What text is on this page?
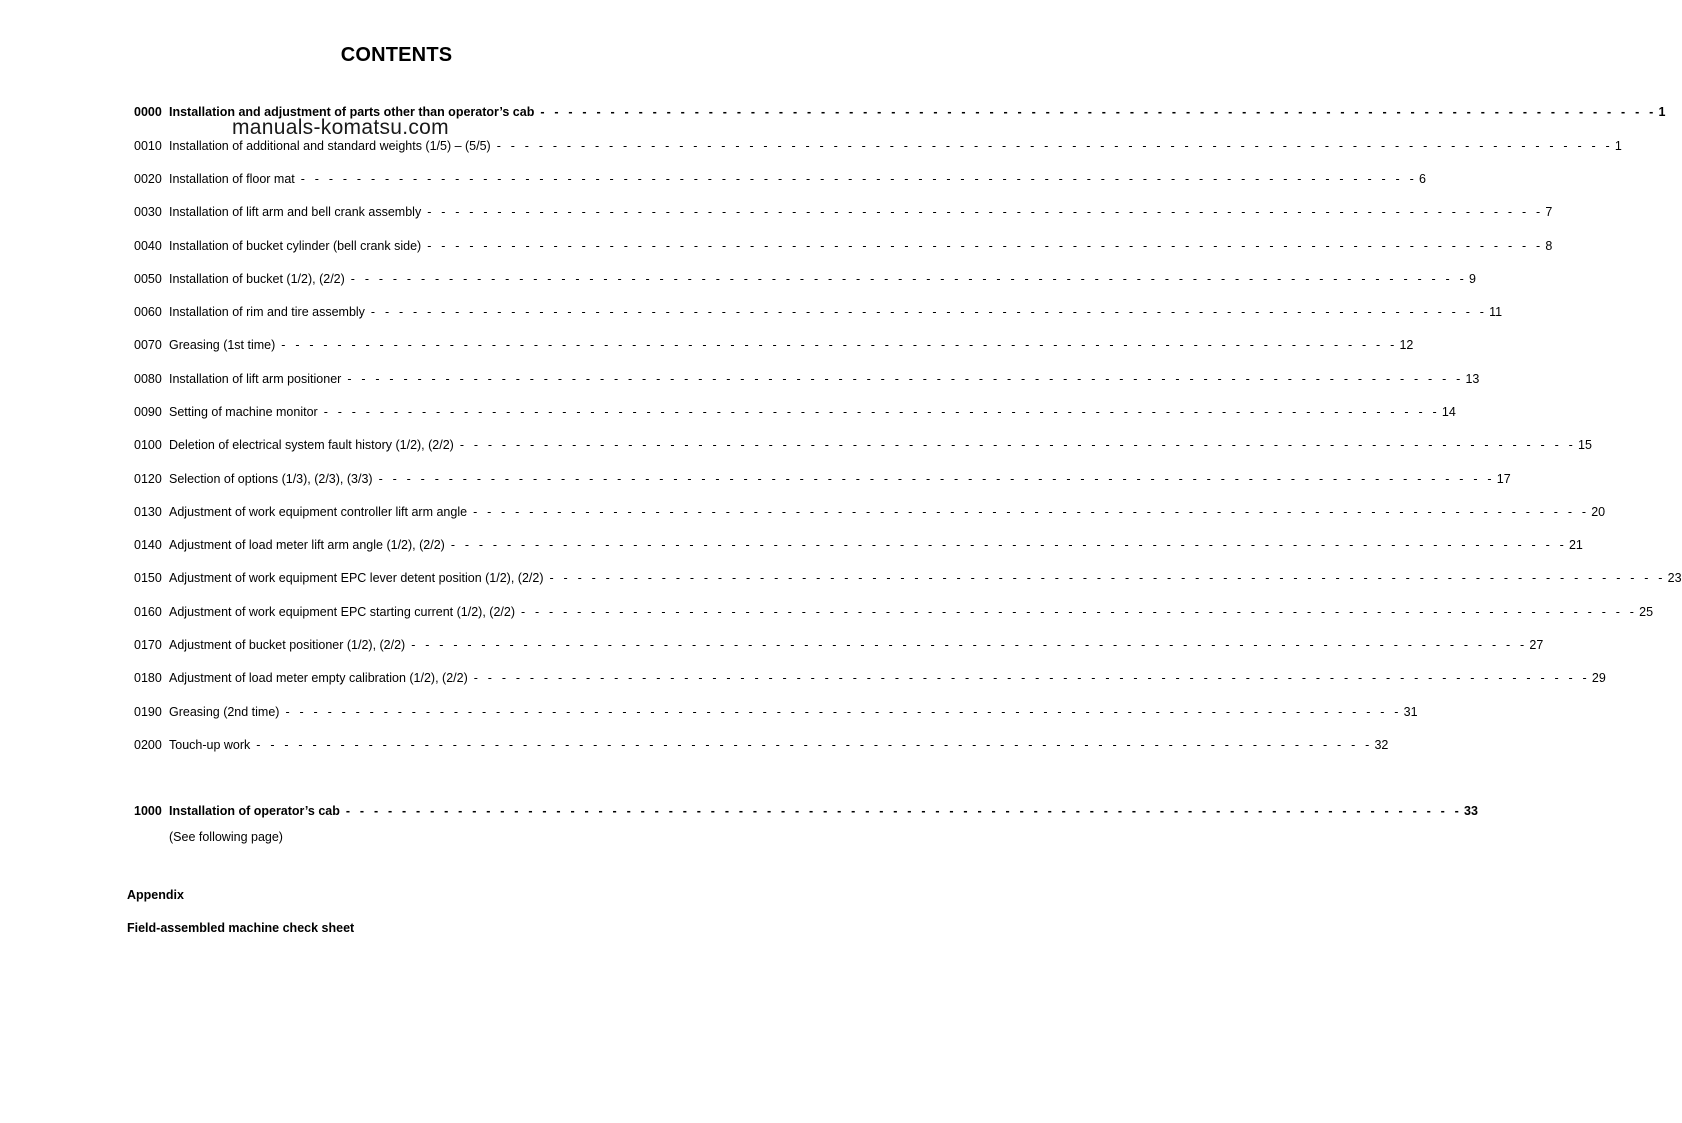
CONTENTS

manuals-komatsu.com

0000 Installation and adjustment of parts other than operator’s cab - - - - - - - - - - - - - - - - - - - - - - - - - - - - - - - - - - - - - - - - - - - - - - - - - - - - - - - - - - - - - - - - - - - - - - - - - - - - - - - - 1
0010 Installation of additional and standard weights (1/5) – (5/5) - - - - - - - - - - - - - - - - - - - - - - - - - - - - - - - - - - - - - - - - - - - - - - - - - - - - - - - - - - - - - - - - - - - - - - - - - - - - - - - - 1
0020 Installation of floor mat - - - - - - - - - - - - - - - - - - - - - - - - - - - - - - - - - - - - - - - - - - - - - - - - - - - - - - - - - - - - - - - - - - - - - - - - - - - - - - - - 6
0030 Installation of lift arm and bell crank assembly - - - - - - - - - - - - - - - - - - - - - - - - - - - - - - - - - - - - - - - - - - - - - - - - - - - - - - - - - - - - - - - - - - - - - - - - - - - - - - - - 7
0040 Installation of bucket cylinder (bell crank side) - - - - - - - - - - - - - - - - - - - - - - - - - - - - - - - - - - - - - - - - - - - - - - - - - - - - - - - - - - - - - - - - - - - - - - - - - - - - - - - - 8
0050 Installation of bucket (1/2), (2/2) - - - - - - - - - - - - - - - - - - - - - - - - - - - - - - - - - - - - - - - - - - - - - - - - - - - - - - - - - - - - - - - - - - - - - - - - - - - - - - - - 9
0060 Installation of rim and tire assembly - - - - - - - - - - - - - - - - - - - - - - - - - - - - - - - - - - - - - - - - - - - - - - - - - - - - - - - - - - - - - - - - - - - - - - - - - - - - - - - - 11
0070 Greasing (1st time) - - - - - - - - - - - - - - - - - - - - - - - - - - - - - - - - - - - - - - - - - - - - - - - - - - - - - - - - - - - - - - - - - - - - - - - - - - - - - - - - 12
0080 Installation of lift arm positioner - - - - - - - - - - - - - - - - - - - - - - - - - - - - - - - - - - - - - - - - - - - - - - - - - - - - - - - - - - - - - - - - - - - - - - - - - - - - - - - - 13
0090 Setting of machine monitor - - - - - - - - - - - - - - - - - - - - - - - - - - - - - - - - - - - - - - - - - - - - - - - - - - - - - - - - - - - - - - - - - - - - - - - - - - - - - - - - 14
0100 Deletion of electrical system fault history (1/2), (2/2) - - - - - - - - - - - - - - - - - - - - - - - - - - - - - - - - - - - - - - - - - - - - - - - - - - - - - - - - - - - - - - - - - - - - - - - - - - - - - - - - 15
0120 Selection of options (1/3), (2/3), (3/3) - - - - - - - - - - - - - - - - - - - - - - - - - - - - - - - - - - - - - - - - - - - - - - - - - - - - - - - - - - - - - - - - - - - - - - - - - - - - - - - - 17
0130 Adjustment of work equipment controller lift arm angle - - - - - - - - - - - - - - - - - - - - - - - - - - - - - - - - - - - - - - - - - - - - - - - - - - - - - - - - - - - - - - - - - - - - - - - - - - - - - - - - 20
0140 Adjustment of load meter lift arm angle (1/2), (2/2) - - - - - - - - - - - - - - - - - - - - - - - - - - - - - - - - - - - - - - - - - - - - - - - - - - - - - - - - - - - - - - - - - - - - - - - - - - - - - - - - 21
0150 Adjustment of work equipment EPC lever detent position (1/2), (2/2) - - - - - - - - - - - - - - - - - - - - - - - - - - - - - - - - - - - - - - - - - - - - - - - - - - - - - - - - - - - - - - - - - - - - - - - - - - - - - - - - 23
0160 Adjustment of work equipment EPC starting current (1/2), (2/2) - - - - - - - - - - - - - - - - - - - - - - - - - - - - - - - - - - - - - - - - - - - - - - - - - - - - - - - - - - - - - - - - - - - - - - - - - - - - - - - - 25
0170 Adjustment of bucket positioner (1/2), (2/2) - - - - - - - - - - - - - - - - - - - - - - - - - - - - - - - - - - - - - - - - - - - - - - - - - - - - - - - - - - - - - - - - - - - - - - - - - - - - - - - - 27
0180 Adjustment of load meter empty calibration (1/2), (2/2) - - - - - - - - - - - - - - - - - - - - - - - - - - - - - - - - - - - - - - - - - - - - - - - - - - - - - - - - - - - - - - - - - - - - - - - - - - - - - - - - 29
0190 Greasing (2nd time) - - - - - - - - - - - - - - - - - - - - - - - - - - - - - - - - - - - - - - - - - - - - - - - - - - - - - - - - - - - - - - - - - - - - - - - - - - - - - - - - 31
0200 Touch-up work - - - - - - - - - - - - - - - - - - - - - - - - - - - - - - - - - - - - - - - - - - - - - - - - - - - - - - - - - - - - - - - - - - - - - - - - - - - - - - - - 32
1000 Installation of operator’s cab - - - - - - - - - - - - - - - - - - - - - - - - - - - - - - - - - - - - - - - - - - - - - - - - - - - - - - - - - - - - - - - - - - - - - - - - - - - - - - - - 33

(See following page)

Appendix

Field-assembled machine check sheet
